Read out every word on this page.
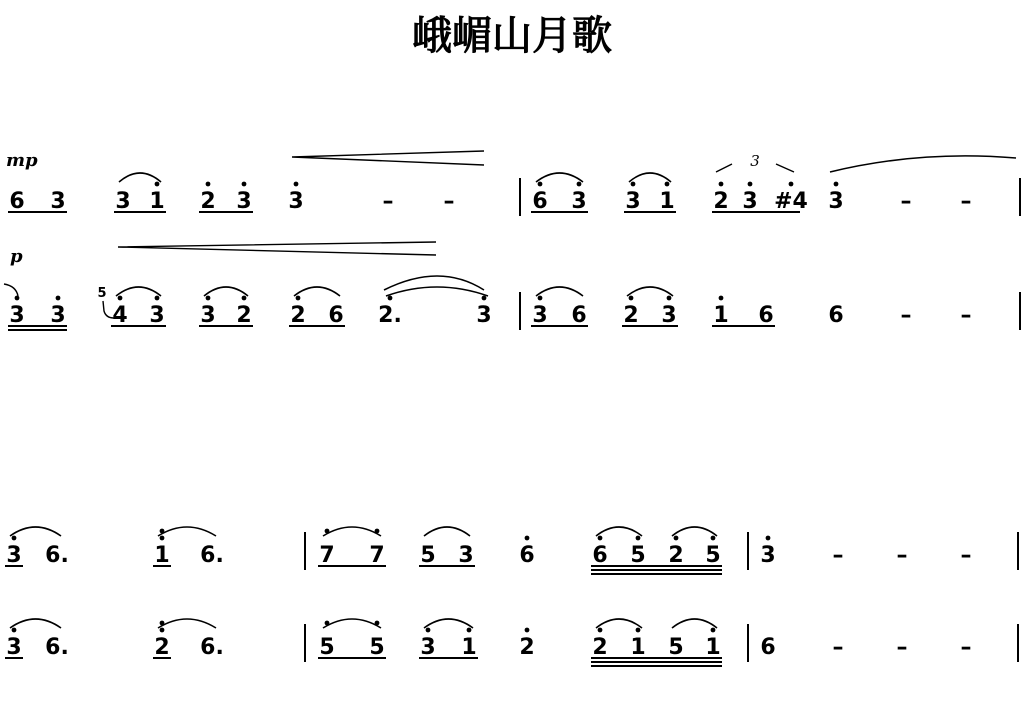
峨嵋山月歌
6 3 3 1 2 3 3	– –	6 3 3 1 2 3 #4 3	– –
3 3
5
4 3 3 2 2 6 2.	3 3 6 2 3 1 6 6	– –
3 6.	1 6.	7 7 5 3 6	6 5 2 5 3	– – –
3 6.	2 6.	5 5 3 1 2	2 1 5 1 6	– – –
mp
p
3
